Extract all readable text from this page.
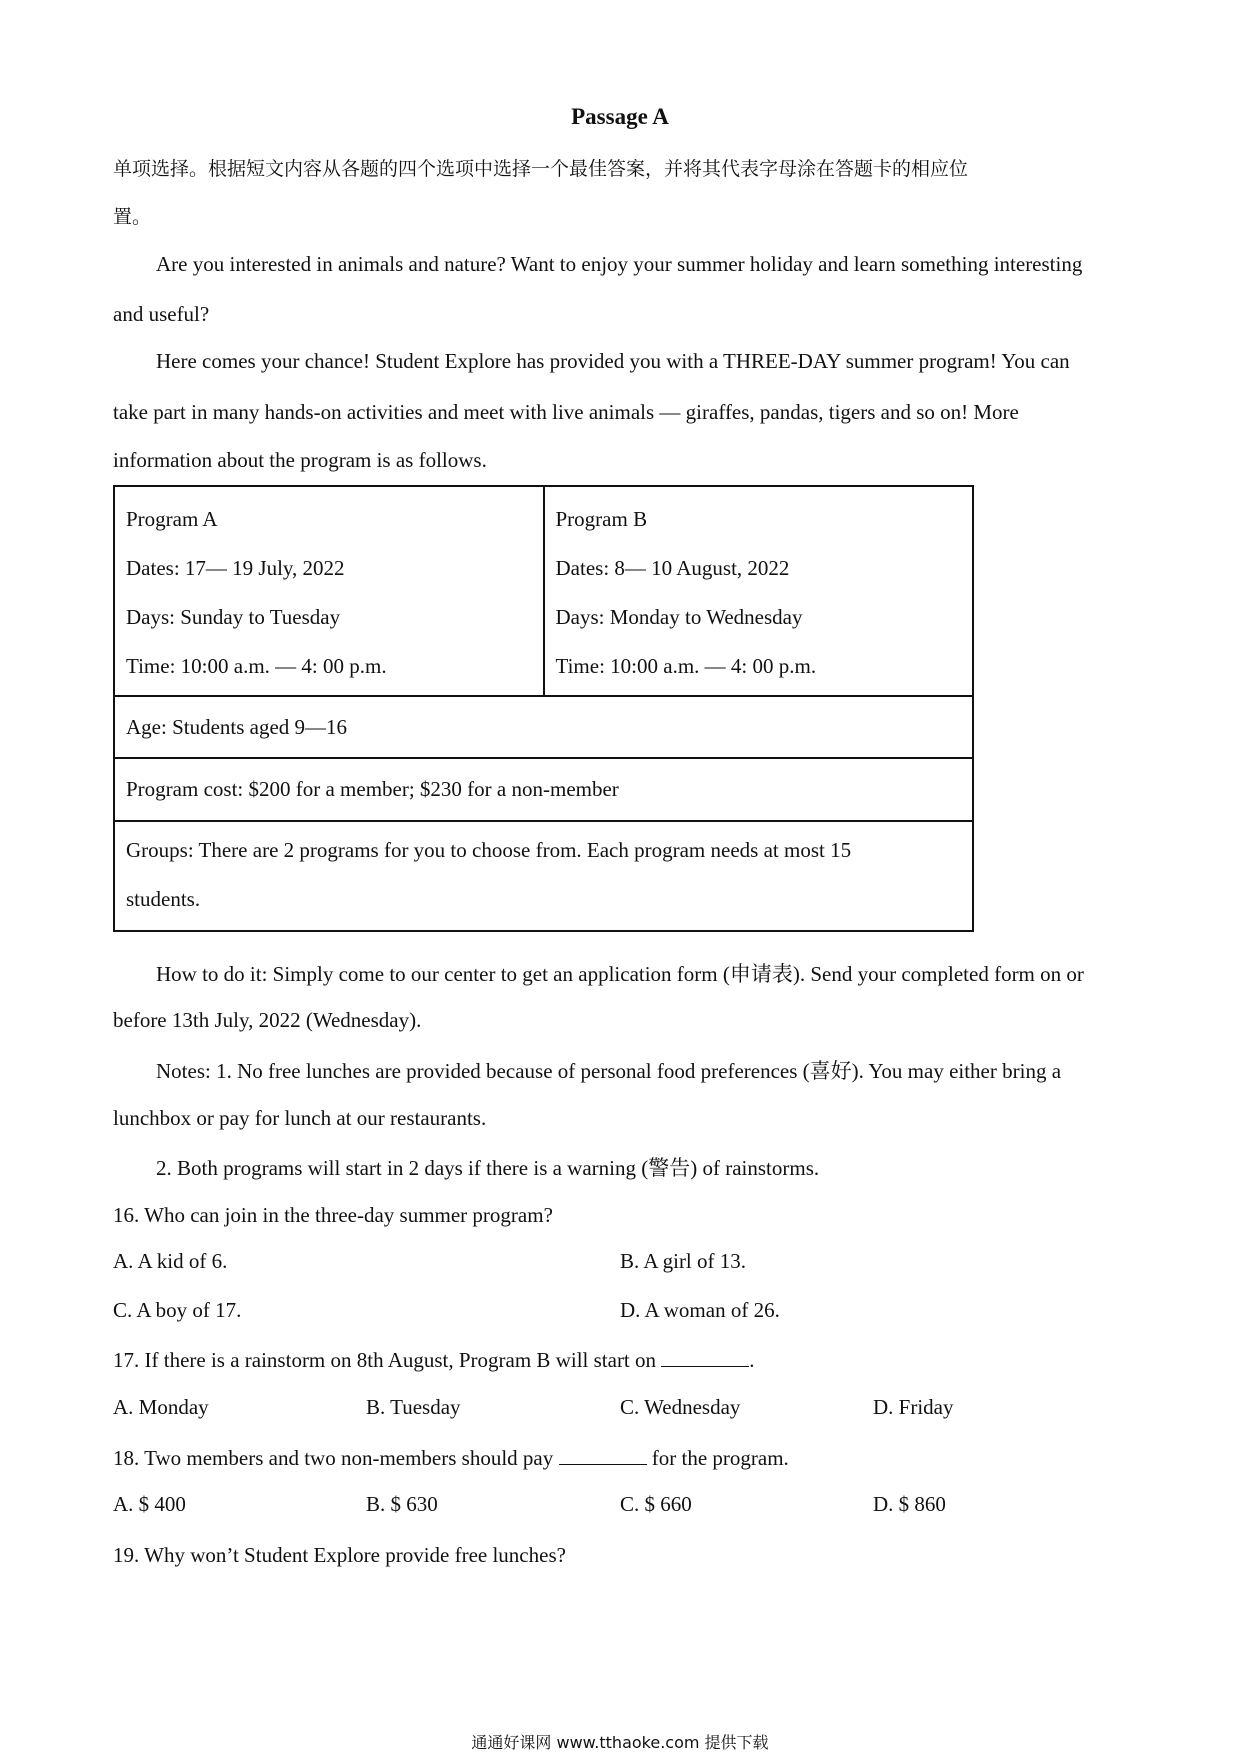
Passage A
单项选择。根据短文内容从各题的四个选项中选择一个最佳答案，并将其代表字母涂在答题卡的相应位
置。
Are you interested in animals and nature? Want to enjoy your summer holiday and learn something interesting
and useful?
Here comes your chance! Student Explore has provided you with a THREE-DAY summer program! You can
take part in many hands-on activities and meet with live animals — giraffes, pandas, tigers and so on! More
information about the program is as follows.
Program A
Dates: 17— 19 July, 2022
Days: Sunday to Tuesday
Time: 10:00 a.m. — 4: 00 p.m.

Program B
Dates: 8— 10 August, 2022
Days: Monday to Wednesday
Time: 10:00 a.m. — 4: 00 p.m.

Age: Students aged 9—16

Program cost: $200 for a member; $230 for a non-member

Groups: There are 2 programs for you to choose from. Each program needs at most 15
students.
How to do it: Simply come to our center to get an application form (申请表). Send your completed form on or
before 13th July, 2022 (Wednesday).
Notes: 1. No free lunches are provided because of personal food preferences (喜好). You may either bring a
lunchbox or pay for lunch at our restaurants.
2. Both programs will start in 2 days if there is a warning (警告) of rainstorms.
16. Who can join in the three-day summer program?
A. A kid of 6.	B. A girl of 13.
C. A boy of 17.	D. A woman of 26.
17. If there is a rainstorm on 8th August, Program B will start on	.
A. Monday	B. Tuesday	C. Wednesday	D. Friday
18. Two members and two non-members should pay	for the program.
A. $ 400	B. $ 630	C. $ 660	D. $ 860
19. Why won’t Student Explore provide free lunches?
通通好课网 www.tthaoke.com 提供下载
